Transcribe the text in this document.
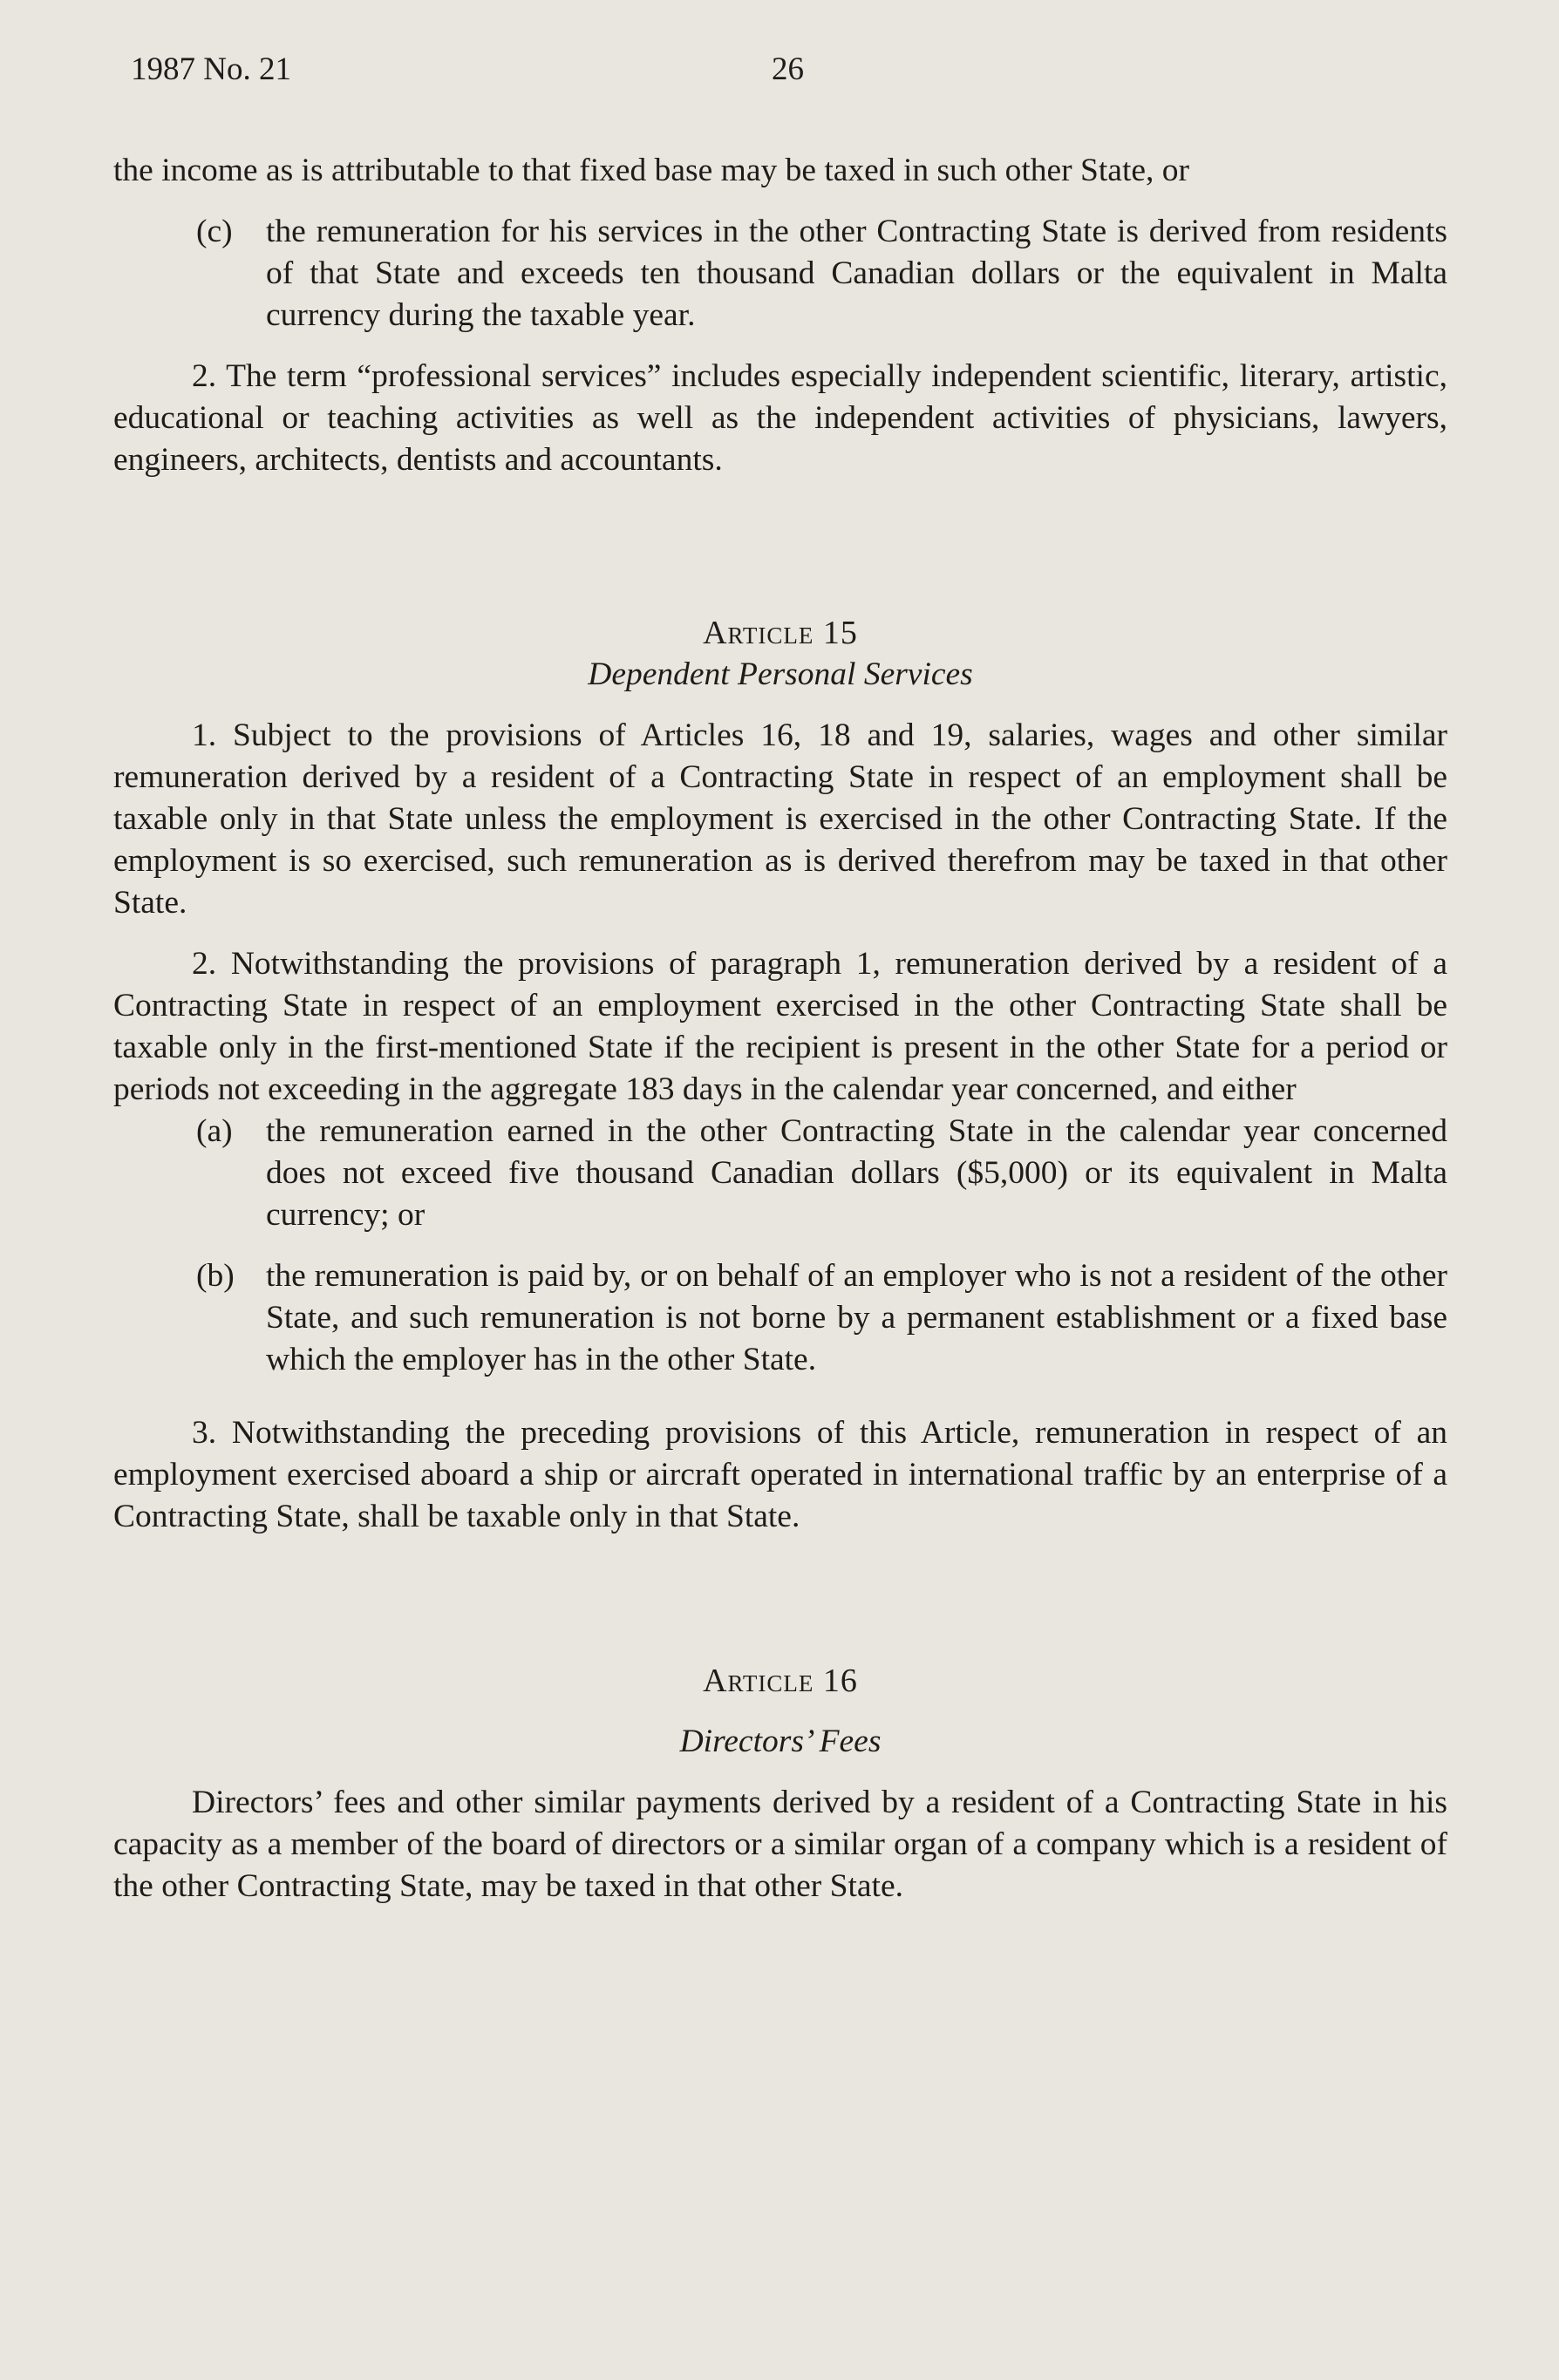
1987 No. 21	26

the income as is attributable to that fixed base may be taxed in such other State, or

(c)	the remuneration for his services in the other Contracting State is derived from residents of that State and exceeds ten thousand Canadian dollars or the equivalent in Malta currency during the taxable year.

2. The term “professional services” includes especially independent scientific, literary, artistic, educational or teaching activities as well as the independent activities of physicians, lawyers, engineers, architects, dentists and accountants.

Article 15

Dependent Personal Services

1. Subject to the provisions of Articles 16, 18 and 19, salaries, wages and other similar remuneration derived by a resident of a Contracting State in respect of an employment shall be taxable only in that State unless the employment is exercised in the other Contracting State. If the employment is so exercised, such remuneration as is derived therefrom may be taxed in that other State.

2. Notwithstanding the provisions of paragraph 1, remuneration derived by a resident of a Contracting State in respect of an employment exercised in the other Contracting State shall be taxable only in the first-mentioned State if the recipient is present in the other State for a period or periods not exceeding in the aggregate 183 days in the calendar year concerned, and either

(a)	the remuneration earned in the other Contracting State in the calendar year concerned does not exceed five thousand Canadian dollars ($5,000) or its equivalent in Malta currency; or
(b) the remuneration is paid by, or on behalf of an employer who is not a resident of the other State, and such remuneration is not borne by a permanent establishment or a fixed base which the employer has in the other State.

3. Notwithstanding the preceding provisions of this Article, remuneration in respect of an employment exercised aboard a ship or aircraft operated in international traffic by an enterprise of a Contracting State, shall be taxable only in that State.

Article 16

Directors’ Fees

Directors’ fees and other similar payments derived by a resident of a Contracting State in his capacity as a member of the board of directors or a similar organ of a company which is a resident of the other Contracting State, may be taxed in that other State.
